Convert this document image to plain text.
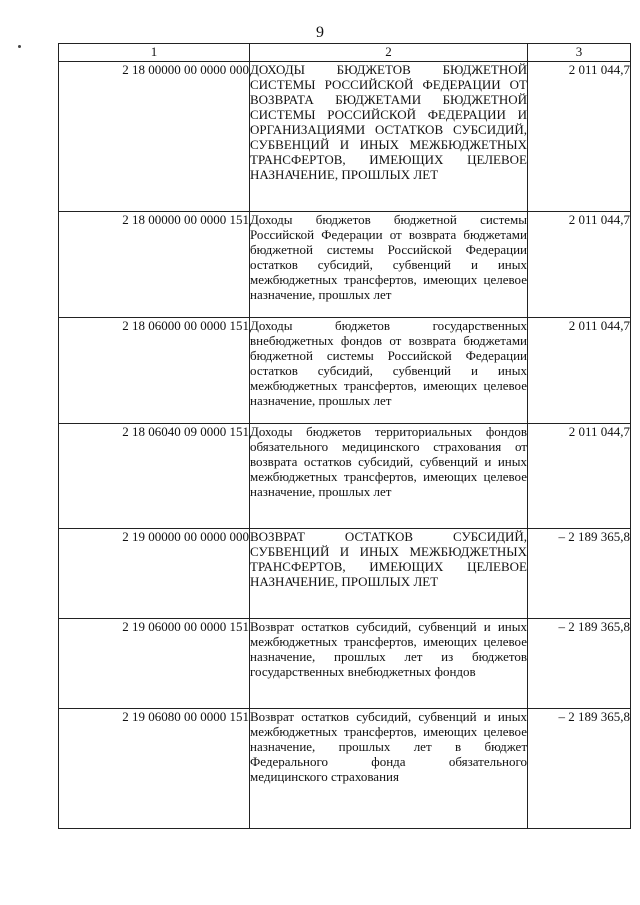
9
1	2	3
2 18 00000 00 0000 000	ДОХОДЫ БЮДЖЕТОВ БЮДЖЕТНОЙ СИСТЕМЫ РОССИЙСКОЙ ФЕДЕРАЦИИ ОТ ВОЗВРАТА БЮДЖЕТАМИ БЮДЖЕТНОЙ СИСТЕМЫ РОССИЙСКОЙ ФЕДЕРАЦИИ И ОРГАНИЗАЦИЯМИ ОСТАТКОВ СУБСИДИЙ, СУБВЕНЦИЙ И ИНЫХ МЕЖБЮДЖЕТНЫХ ТРАНСФЕРТОВ, ИМЕЮЩИХ ЦЕЛЕВОЕ НАЗНАЧЕНИЕ, ПРОШЛЫХ ЛЕТ	2 011 044,7
2 18 00000 00 0000 151	Доходы бюджетов бюджетной системы Российской Федерации от возврата бюджетами бюджетной системы Российской Федерации остатков субсидий, субвенций и иных межбюджетных трансфертов, имеющих целевое назначение, прошлых лет	2 011 044,7
2 18 06000 00 0000 151	Доходы бюджетов государственных внебюджетных фондов от возврата бюджетами бюджетной системы Российской Федерации остатков субсидий, субвенций и иных межбюджетных трансфертов, имеющих целевое назначение, прошлых лет	2 011 044,7
2 18 06040 09 0000 151	Доходы бюджетов территориальных фондов обязательного медицинского страхования от возврата остатков субсидий, субвенций и иных межбюджетных трансфертов, имеющих целевое назначение, прошлых лет	2 011 044,7
2 19 00000 00 0000 000	ВОЗВРАТ ОСТАТКОВ СУБСИДИЙ, СУБВЕНЦИЙ И ИНЫХ МЕЖБЮДЖЕТНЫХ ТРАНСФЕРТОВ, ИМЕЮЩИХ ЦЕЛЕВОЕ НАЗНАЧЕНИЕ, ПРОШЛЫХ ЛЕТ	– 2 189 365,8
2 19 06000 00 0000 151	Возврат остатков субсидий, субвенций и иных межбюджетных трансфертов, имеющих целевое назначение, прошлых лет из бюджетов государственных внебюджетных фондов	– 2 189 365,8
2 19 06080 00 0000 151	Возврат остатков субсидий, субвенций и иных межбюджетных трансфертов, имеющих целевое назначение, прошлых лет в бюджет Федерального фонда обязательного медицинского страхования	– 2 189 365,8
